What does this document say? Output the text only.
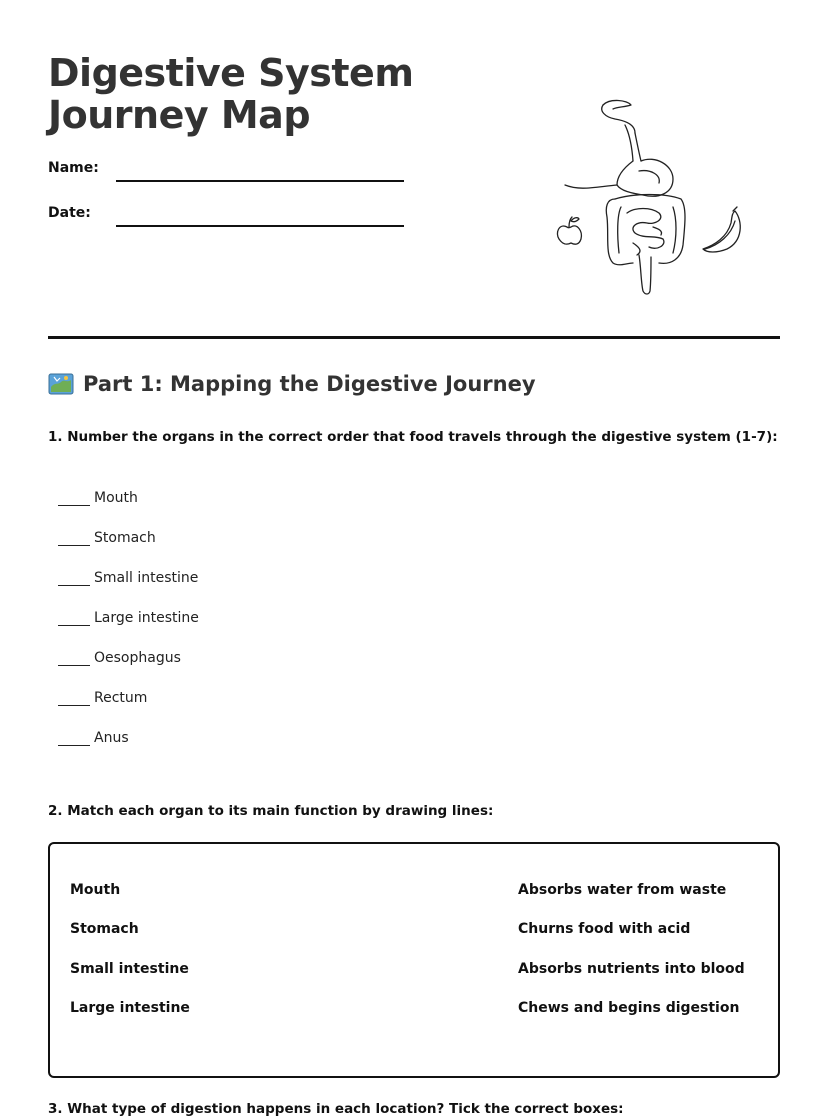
Digestive System
Journey Map
Name:
Date:
Part 1: Mapping the Digestive Journey
1. Number the organs in the correct order that food travels through the digestive system (1-7):
Mouth
Stomach
Small intestine
Large intestine
Oesophagus
Rectum
Anus
2. Match each organ to its main function by drawing lines:
Mouth
Stomach
Small intestine
Large intestine
Absorbs water from waste
Churns food with acid
Absorbs nutrients into blood
Chews and begins digestion
3. What type of digestion happens in each location? Tick the correct boxes:
